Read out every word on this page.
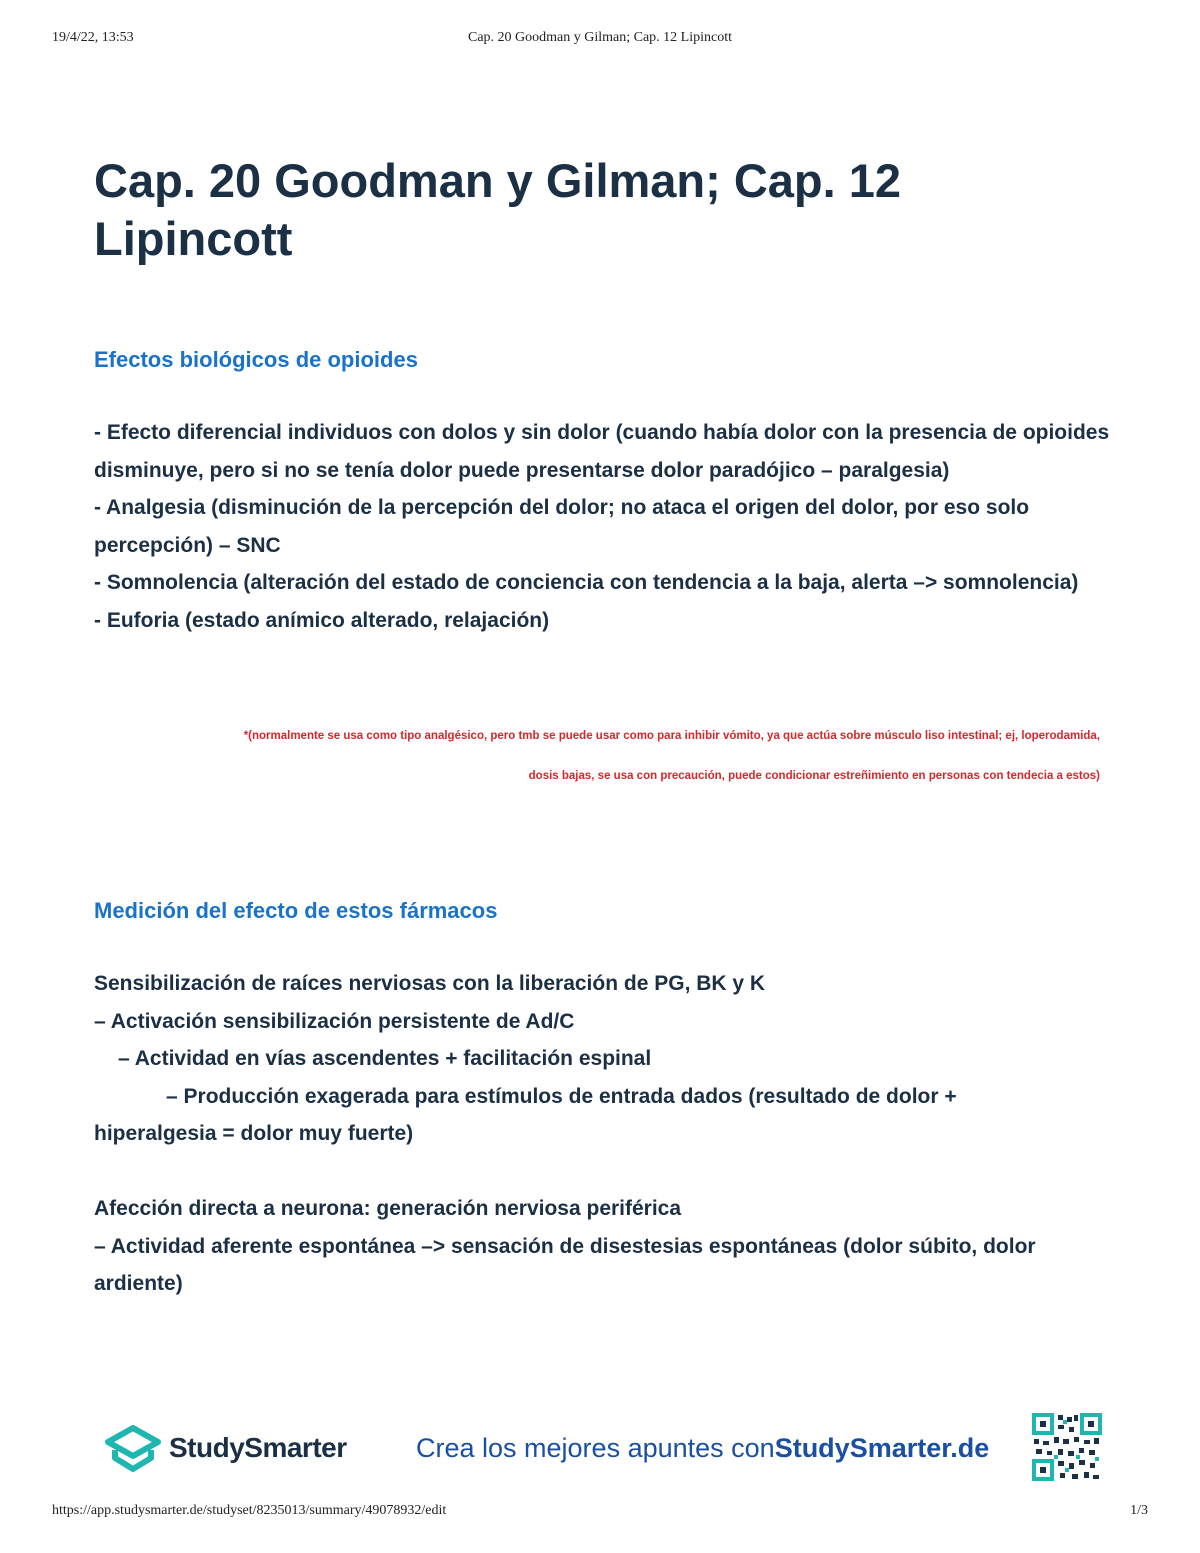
19/4/22, 13:53	Cap. 20 Goodman y Gilman; Cap. 12 Lipincott
Cap. 20 Goodman y Gilman; Cap. 12 Lipincott
Efectos biológicos de opioides

- Efecto diferencial individuos con dolos y sin dolor (cuando había dolor con la presencia de opioides disminuye, pero si no se tenía dolor puede presentarse dolor paradójico – paralgesia)

- Analgesia (disminución de la percepción del dolor; no ataca el origen del dolor, por eso solo percepción) – SNC

- Somnolencia (alteración del estado de conciencia con tendencia a la baja, alerta –> somnolencia)

- Euforia (estado anímico alterado, relajación)

*(normalmente se usa como tipo analgésico, pero tmb se puede usar como para inhibir vómito, ya que actúa sobre músculo liso intestinal; ej, loperodamida,

dosis bajas, se usa con precaución, puede condicionar estreñimiento en personas con tendecia a estos)

Medición del efecto de estos fármacos

Sensibilización de raíces nerviosas con la liberación de PG, BK y K

– Activación sensibilización persistente de Ad/C

– Actividad en vías ascendentes + facilitación espinal

– Producción exagerada para estímulos de entrada dados (resultado de dolor +

hiperalgesia = dolor muy fuerte)

Afección directa a neurona: generación nerviosa periférica

– Actividad aferente espontánea –> sensación de disestesias espontáneas (dolor súbito, dolor ardiente)

StudySmarter	Crea los mejores apuntes conStudySmarter.de
https://app.studysmarter.de/studyset/8235013/summary/49078932/edit	1/3
